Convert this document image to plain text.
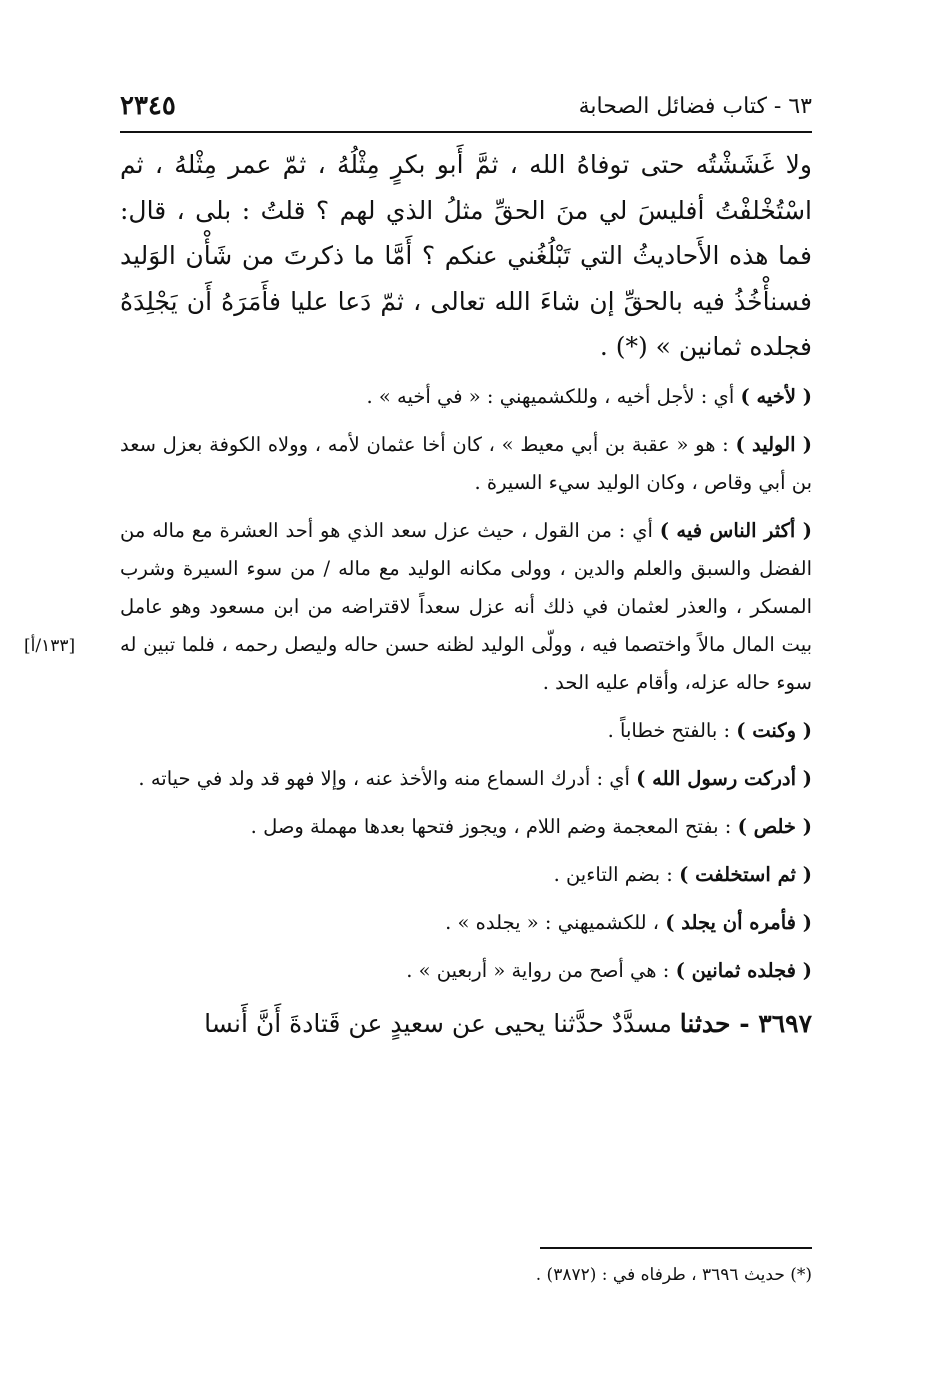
٦٣ - كتاب فضائل الصحابة
٢٣٤٥

ولا غَشَشْتُه حتى توفاهُ الله ، ثمَّ أَبو بكرٍ مِثْلُهُ ، ثمّ عمر مِثْلهُ ، ثم اسْتُخْلفْتُ أفليسَ لي منَ الحقِّ مثلُ الذي لهم ؟ قلتُ : بلى ، قال: فما هذه الأَحاديثُ التي تَبْلُغُني عنكم ؟ أَمَّا ما ذكرتَ من شَأْن الوَليد فسنأْخُذُ فيه بالحقِّ إن شاءَ الله تعالى ، ثمّ دَعا عليا فأَمَرَهُ أَن يَجْلِدَهُ فجلده ثمانين » (*) .

( لأخيه ) أي : لأجل أخيه ، وللكشميهني : « في أخيه » .

( الوليد ) : هو « عقبة بن أبي معيط » ، كان أخا عثمان لأمه ، وولاه الكوفة بعزل سعد بن أبي وقاص ، وكان الوليد سيء السيرة .

( أكثر الناس فيه ) أي : من القول ، حيث عزل سعد الذي هو أحد العشرة مع ماله من الفضل والسبق والعلم والدين ، وولى مكانه الوليد مع ماله / من سوء السيرة وشرب المسكر ، والعذر لعثمان في ذلك أنه عزل سعداً لاقتراضه من ابن مسعود وهو عامل بيت المال مالاً واختصما فيه ، وولّى الوليد لظنه حسن حاله وليصل رحمه ، فلما تبين له سوء حاله عزله، وأقام عليه الحد .

( وكنت ) : بالفتح خطاباً .

( أدركت رسول الله ) أي : أدرك السماع منه والأخذ عنه ، وإلا فهو قد ولد في حياته .

( خلص ) : بفتح المعجمة وضم اللام ، ويجوز فتحها بعدها مهملة وصل .

( ثم استخلفت ) : بضم التاءين .

( فأمره أن يجلد ) ، للكشميهني : « يجلده » .

( فجلده ثمانين ) : هي أصح من رواية « أربعين » .

٣٦٩٧ - حدثنا مسدَّدٌ حدَّثنا يحيى عن سعيدٍ عن قَتادةَ أَنَّ أَنسا

[١٣٣/أ]
(*) حديث ٣٦٩٦ ، طرفاه في : (٣٨٧٢) .
